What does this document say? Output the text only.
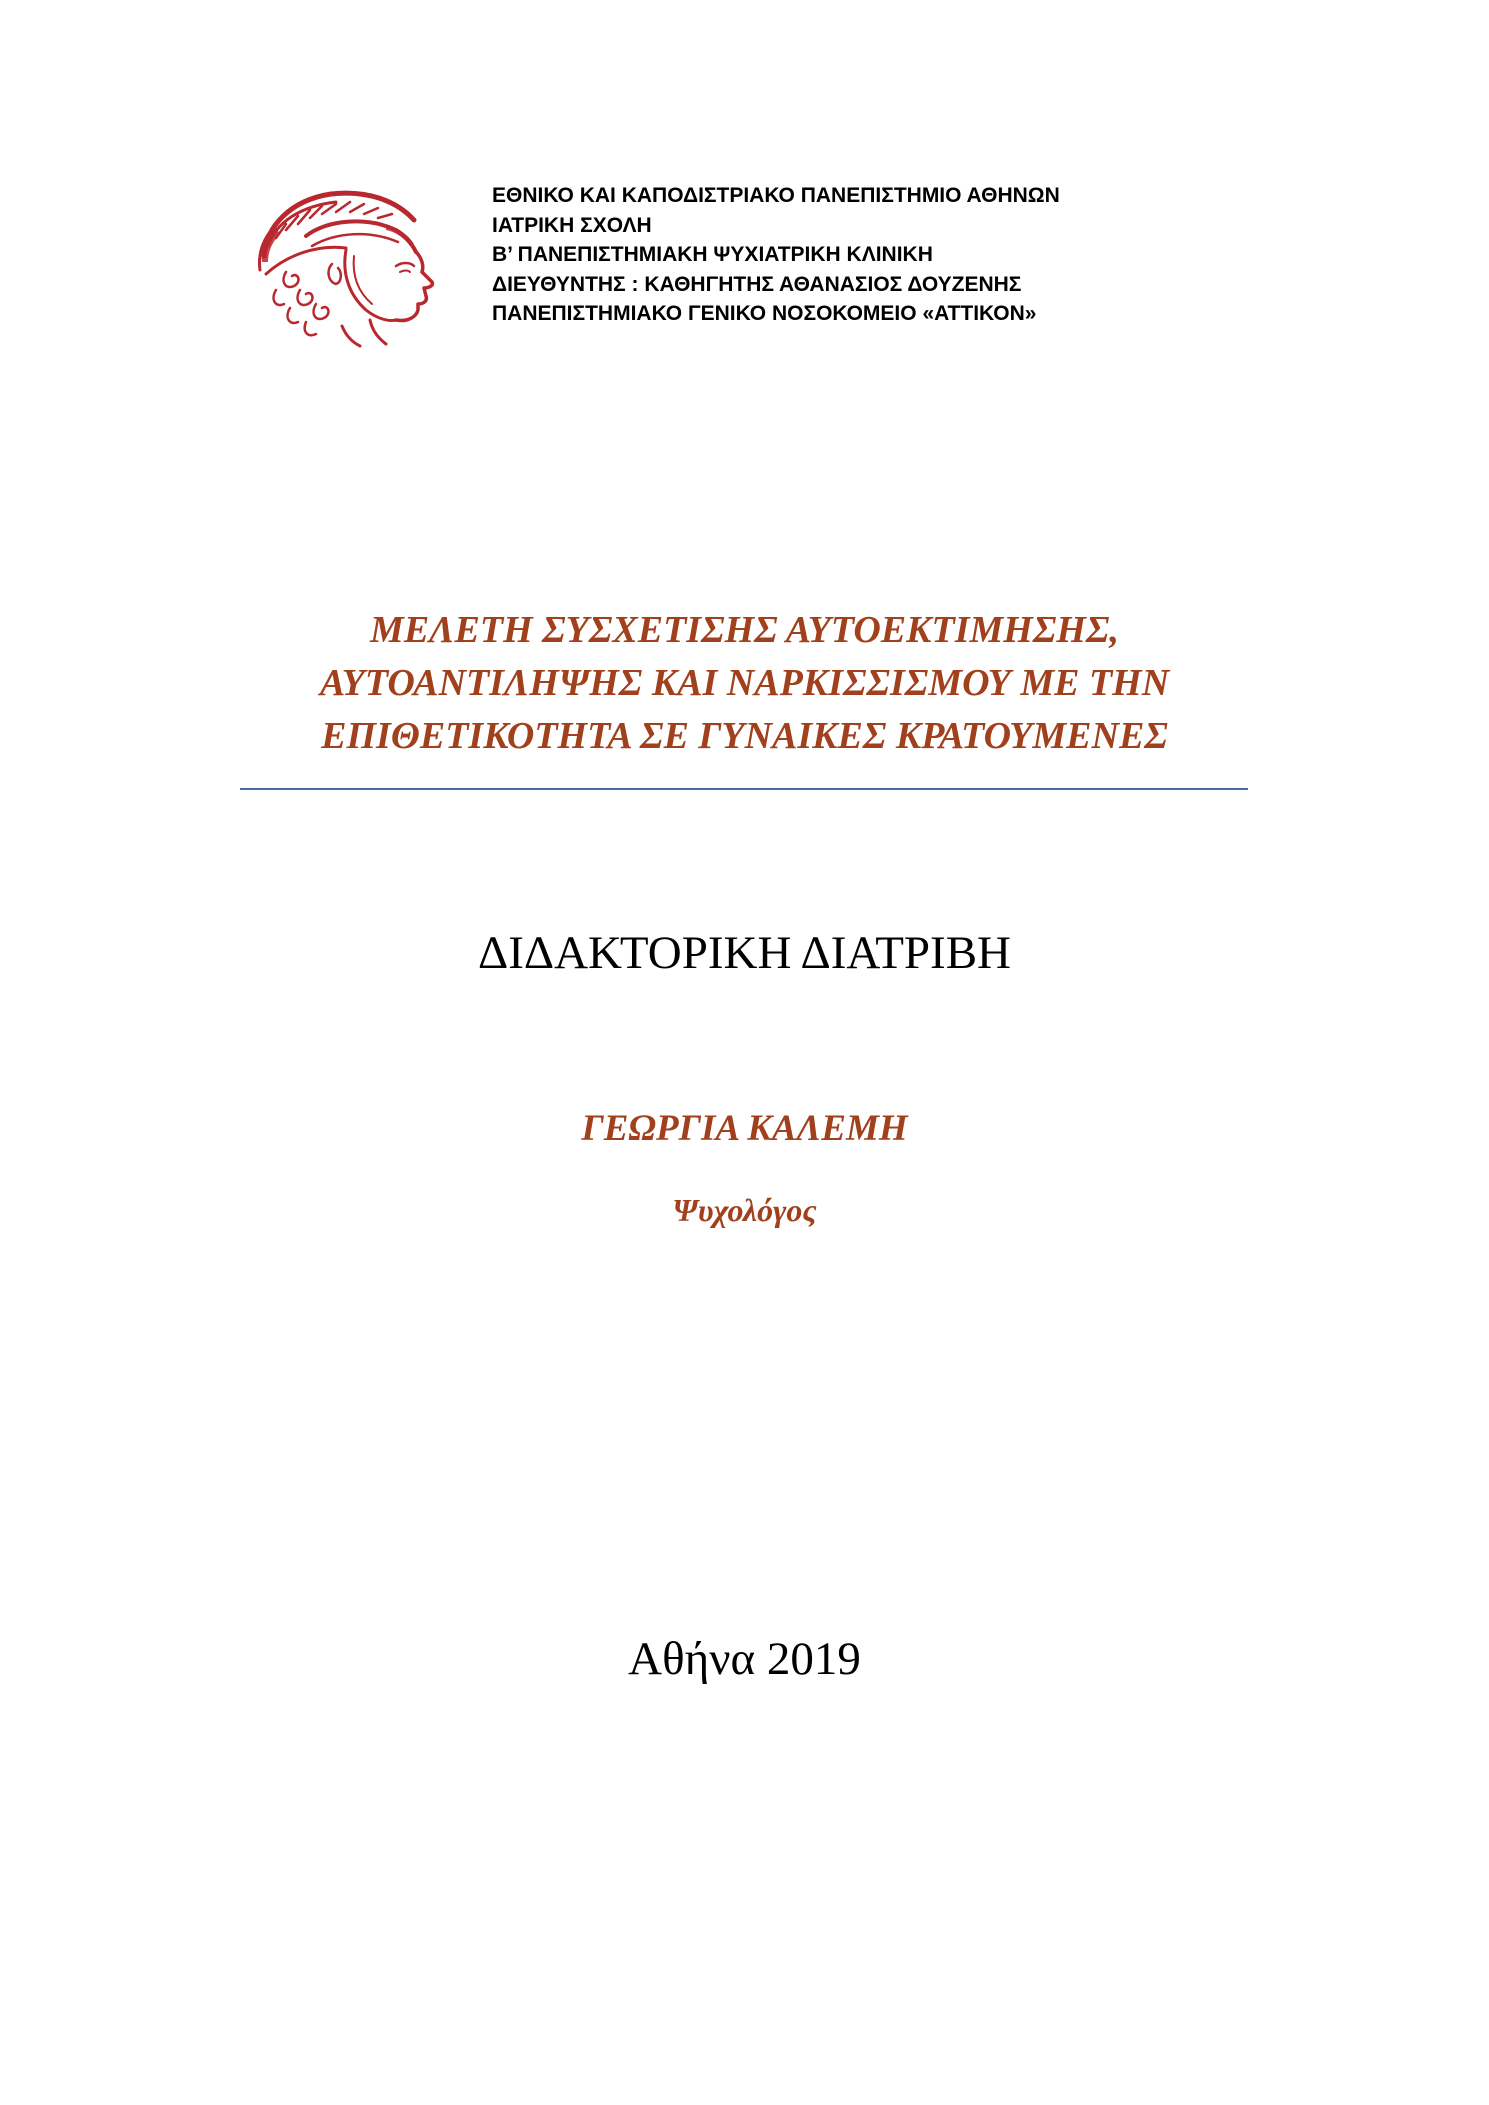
ΕΘΝΙΚΟ ΚΑΙ ΚΑΠΟΔΙΣΤΡΙΑΚΟ ΠΑΝΕΠΙΣΤΗΜΙΟ ΑΘΗΝΩΝ
ΙΑΤΡΙΚΗ ΣΧΟΛΗ
Β’ ΠΑΝΕΠΙΣΤΗΜΙΑΚΗ ΨΥΧΙΑΤΡΙΚΗ ΚΛΙΝΙΚΗ
ΔΙΕΥΘΥΝΤΗΣ : ΚΑΘΗΓΗΤΗΣ ΑΘΑΝΑΣΙΟΣ ΔΟΥΖΕΝΗΣ
ΠΑΝΕΠΙΣΤΗΜΙΑΚΟ ΓΕΝΙΚΟ ΝΟΣΟΚΟΜΕΙΟ «ΑΤΤΙΚΟΝ»
ΜΕΛΕΤΗ ΣΥΣΧΕΤΙΣΗΣ ΑΥΤΟΕΚΤΙΜΗΣΗΣ,
ΑΥΤΟΑΝΤΙΛΗΨΗΣ ΚΑΙ ΝΑΡΚΙΣΣΙΣΜΟΥ ΜΕ ΤΗΝ
ΕΠΙΘΕΤΙΚΟΤΗΤΑ ΣΕ ΓΥΝΑΙΚΕΣ ΚΡΑΤΟΥΜΕΝΕΣ
ΔΙΔΑΚΤΟΡΙΚΗ ΔΙΑΤΡΙΒΗ
ΓΕΩΡΓΙΑ ΚΑΛΕΜΗ
Ψυχολόγος
Αθήνα 2019
